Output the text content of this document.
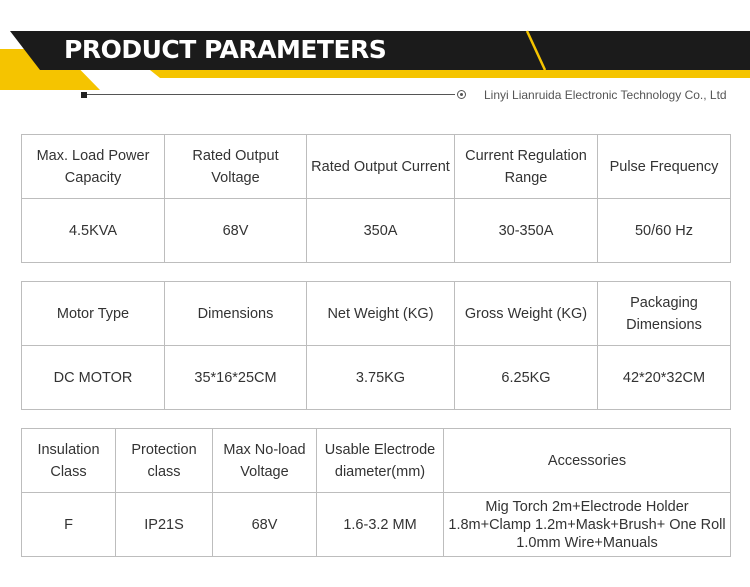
PRODUCT PARAMETERS
Linyi Lianruida Electronic Technology Co., Ltd
Max. Load Power Capacity	Rated Output Voltage	Rated Output Current	Current Regulation Range	Pulse Frequency
4.5KVA	68V	350A	30-350A	50/60 Hz
Motor Type	Dimensions	Net Weight (KG)	Gross Weight (KG)	Packaging Dimensions
DC MOTOR	35*16*25CM	3.75KG	6.25KG	42*20*32CM
Insulation Class	Protection class	Max No-load Voltage	Usable Electrode diameter(mm)	Accessories
F	IP21S	68V	1.6-3.2 MM	Mig Torch 2m+Electrode Holder 1.8m+Clamp 1.2m+Mask+Brush+ One Roll 1.0mm Wire+Manuals
